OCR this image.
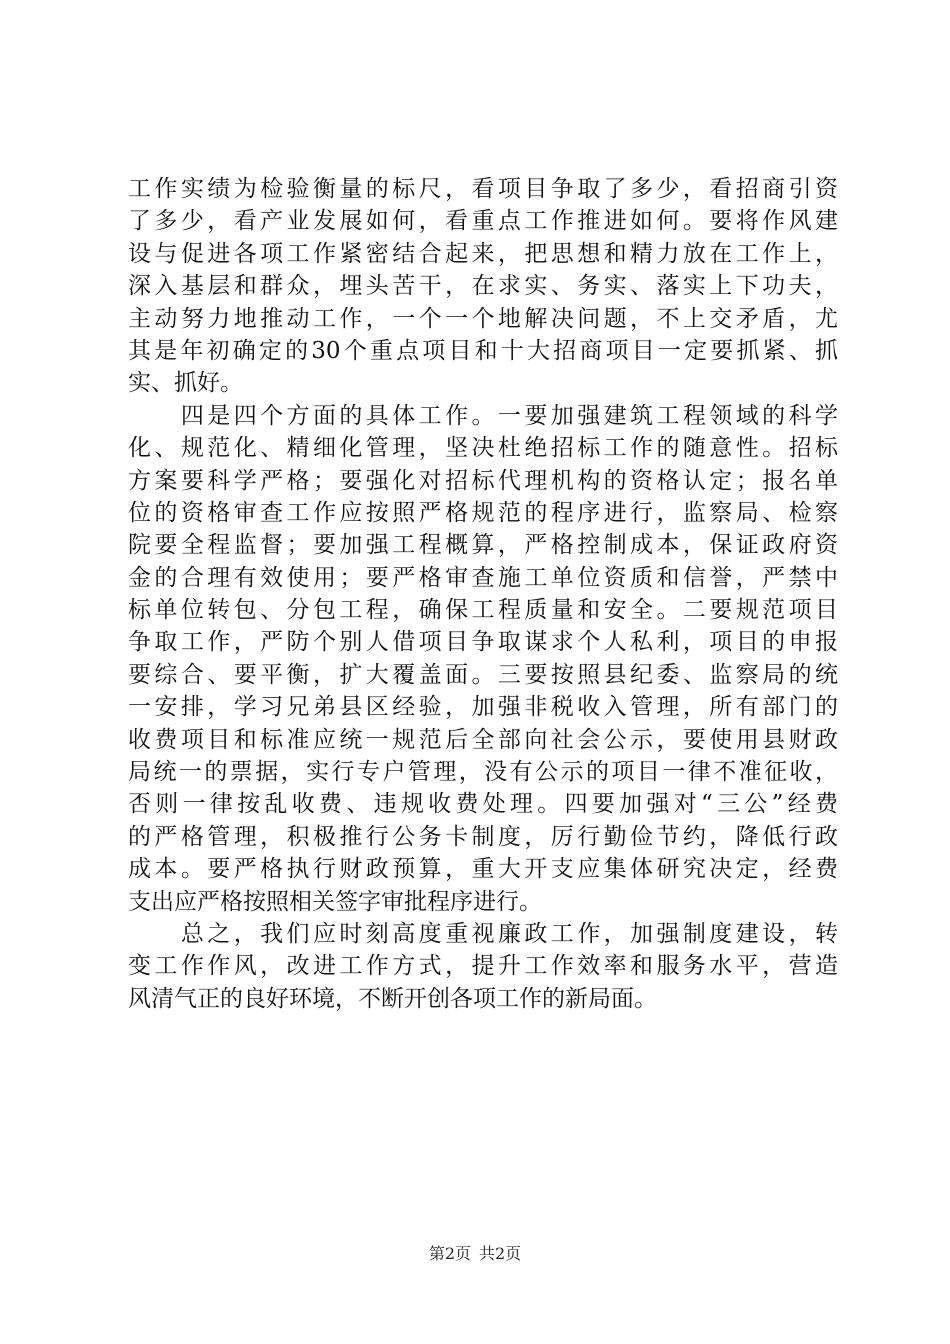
工作实绩为检验衡量的标尺，看项目争取了多少，看招商引资
了多少，看产业发展如何，看重点工作推进如何。要将作风建
设与促进各项工作紧密结合起来，把思想和精力放在工作上，
深入基层和群众，埋头苦干，在求实、务实、落实上下功夫，
主动努力地推动工作，一个一个地解决问题，不上交矛盾，尤
其是年初确定的30个重点项目和十大招商项目一定要抓紧、抓
实、抓好。
　　四是四个方面的具体工作。一要加强建筑工程领域的科学
化、规范化、精细化管理，坚决杜绝招标工作的随意性。招标
方案要科学严格；要强化对招标代理机构的资格认定；报名单
位的资格审查工作应按照严格规范的程序进行，监察局、检察
院要全程监督；要加强工程概算，严格控制成本，保证政府资
金的合理有效使用；要严格审查施工单位资质和信誉，严禁中
标单位转包、分包工程，确保工程质量和安全。二要规范项目
争取工作，严防个别人借项目争取谋求个人私利，项目的申报
要综合、要平衡，扩大覆盖面。三要按照县纪委、监察局的统
一安排，学习兄弟县区经验，加强非税收入管理，所有部门的
收费项目和标准应统一规范后全部向社会公示，要使用县财政
局统一的票据，实行专户管理，没有公示的项目一律不准征收，
否则一律按乱收费、违规收费处理。四要加强对“三公”经费
的严格管理，积极推行公务卡制度，厉行勤俭节约，降低行政
成本。要严格执行财政预算，重大开支应集体研究决定，经费
支出应严格按照相关签字审批程序进行。
　　总之，我们应时刻高度重视廉政工作，加强制度建设，转
变工作作风，改进工作方式，提升工作效率和服务水平，营造
风清气正的良好环境，不断开创各项工作的新局面。
第2页 共2页
